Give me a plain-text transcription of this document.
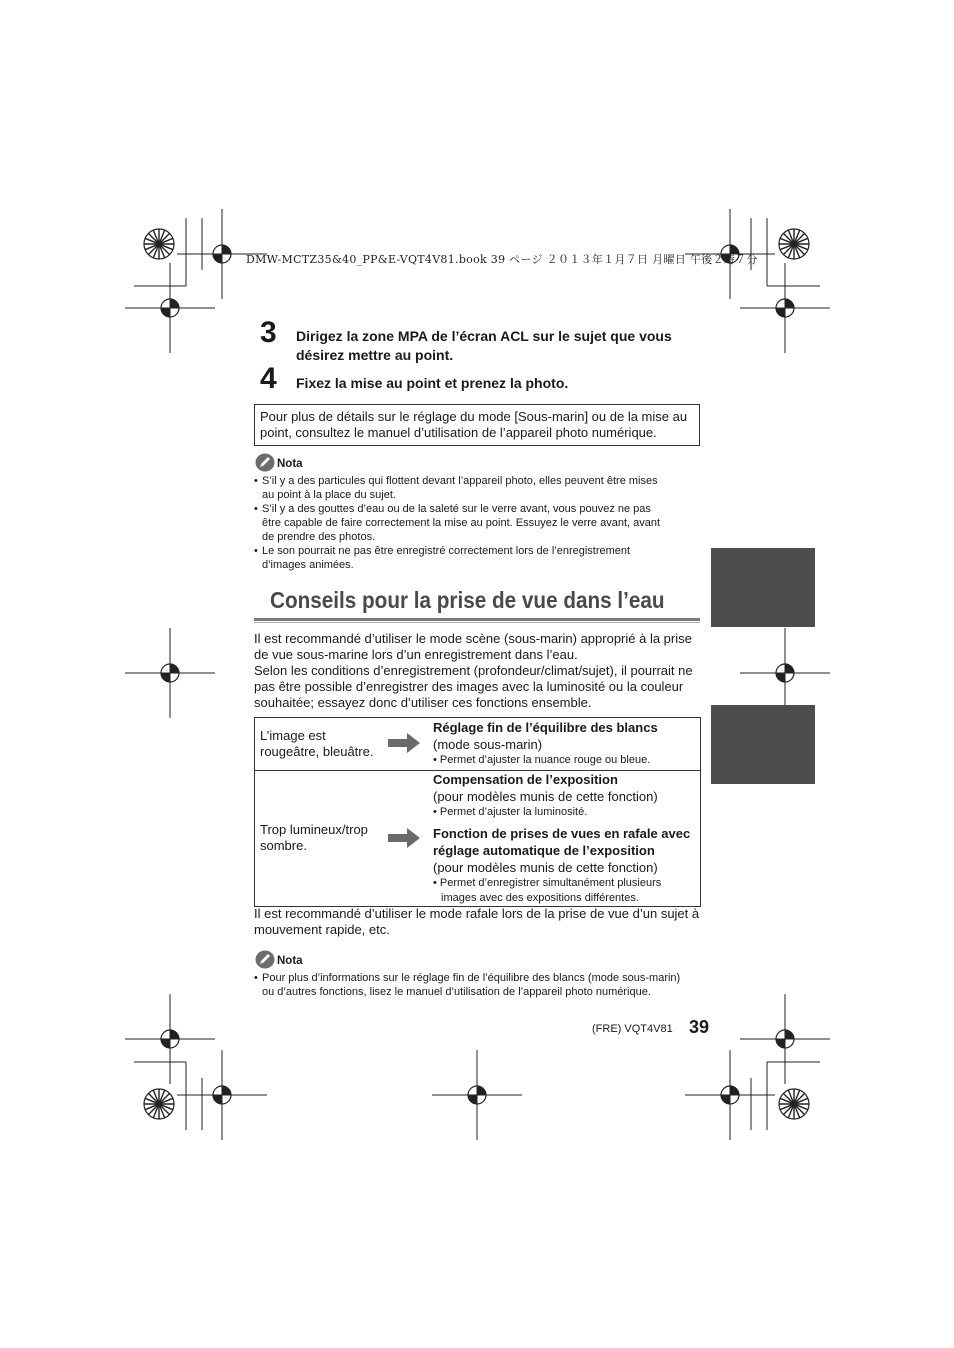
DMW-MCTZ35&40_PP&E-VQT4V81.book 39 ページ ２０１３年１月７日 月曜日 午後２時７分
3 Dirigez la zone MPA de l’écran ACL sur le sujet que vous
désirez mettre au point.
4 Fixez la mise au point et prenez la photo.
Pour plus de détails sur le réglage du mode [Sous-marin] ou de la mise au
point, consultez le manuel d’utilisation de l’appareil photo numérique.
Nota
• S’il y a des particules qui flottent devant l’appareil photo, elles peuvent être mises
au point à la place du sujet.
• S’il y a des gouttes d’eau ou de la saleté sur le verre avant, vous pouvez ne pas
être capable de faire correctement la mise au point. Essuyez le verre avant, avant
de prendre des photos.
• Le son pourrait ne pas être enregistré correctement lors de l’enregistrement
d’images animées.
Conseils pour la prise de vue dans l’eau
Il est recommandé d’utiliser le mode scène (sous-marin) approprié à la prise
de vue sous-marine lors d’un enregistrement dans l’eau.
Selon les conditions d’enregistrement (profondeur/climat/sujet), il pourrait ne
pas être possible d’enregistrer des images avec la luminosité ou la couleur
souhaitée; essayez donc d’utiliser ces fonctions ensemble.
L’image est
rougeâtre, bleuâtre.
Réglage fin de l’équilibre des blancs
(mode sous-marin)
• Permet d’ajuster la nuance rouge ou bleue.
Trop lumineux/trop
sombre.
Compensation de l’exposition
(pour modèles munis de cette fonction)
• Permet d’ajuster la luminosité.
Fonction de prises de vues en rafale avec
réglage automatique de l’exposition
(pour modèles munis de cette fonction)
• Permet d’enregistrer simultanément plusieurs
images avec des expositions différentes.
Il est recommandé d’utiliser le mode rafale lors de la prise de vue d’un sujet à
mouvement rapide, etc.
Nota
• Pour plus d’informations sur le réglage fin de l’équilibre des blancs (mode sous-marin)
ou d’autres fonctions, lisez le manuel d’utilisation de l’appareil photo numérique.
(FRE) VQT4V81 39
